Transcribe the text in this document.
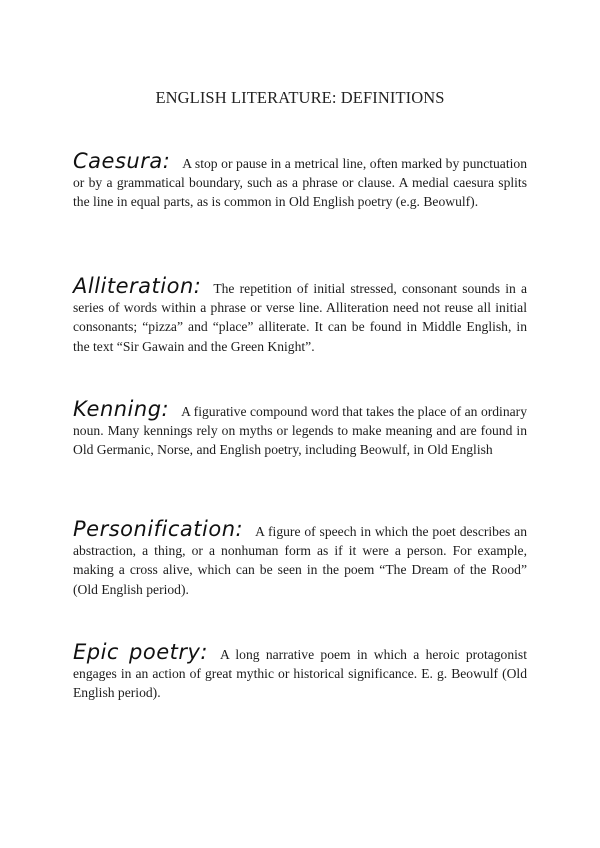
ENGLISH LITERATURE: DEFINITIONS
Caesura: A stop or pause in a metrical line, often marked by punctuation or by a grammatical boundary, such as a phrase or clause. A medial caesura splits the line in equal parts, as is common in Old English poetry (e.g. Beowulf).
Alliteration: The repetition of initial stressed, consonant sounds in a series of words within a phrase or verse line. Alliteration need not reuse all initial consonants; “pizza” and “place” alliterate. It can be found in Middle English, in the text “Sir Gawain and the Green Knight”.
Kenning: A figurative compound word that takes the place of an ordinary noun. Many kennings rely on myths or legends to make meaning and are found in Old Germanic, Norse, and English poetry, including Beowulf, in Old English
Personification: A figure of speech in which the poet describes an abstraction, a thing, or a nonhuman form as if it were a person. For example, making a cross alive, which can be seen in the poem “The Dream of the Rood” (Old English period).
Epic poetry: A long narrative poem in which a heroic protagonist engages in an action of great mythic or historical significance. E. g. Beowulf (Old English period).
